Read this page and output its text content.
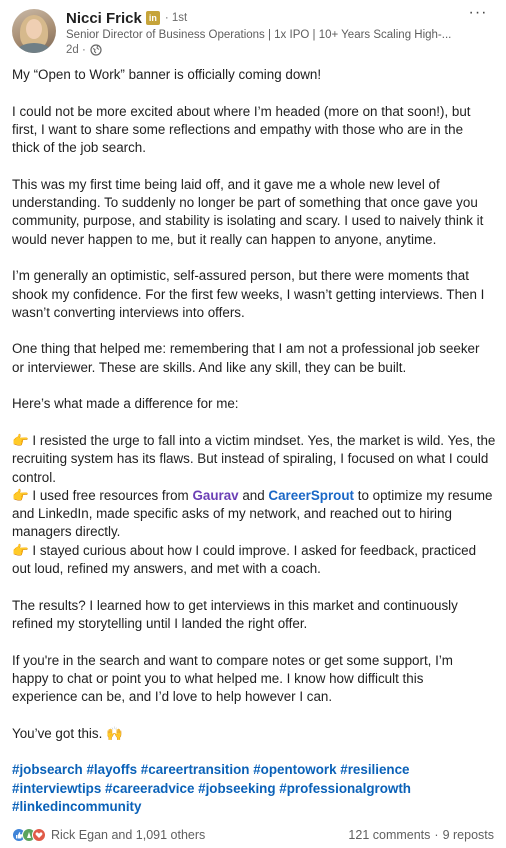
Nicci Frick in · 1st
Senior Director of Business Operations | 1x IPO | 10+ Years Scaling High-...
2d ·
···
My “Open to Work” banner is officially coming down!
I could not be more excited about where I’m headed (more on that soon!), but
first, I want to share some reflections and empathy with those who are in the
thick of the job search.
This was my first time being laid off, and it gave me a whole new level of
understanding. To suddenly no longer be part of something that once gave you
community, purpose, and stability is isolating and scary. I used to naively think it
would never happen to me, but it really can happen to anyone, anytime.
I’m generally an optimistic, self-assured person, but there were moments that
shook my confidence. For the first few weeks, I wasn’t getting interviews. Then I
wasn’t converting interviews into offers.
One thing that helped me: remembering that I am not a professional job seeker
or interviewer. These are skills. And like any skill, they can be built.
Here’s what made a difference for me:
👉 I resisted the urge to fall into a victim mindset. Yes, the market is wild. Yes, the
recruiting system has its flaws. But instead of spiraling, I focused on what I could
control.
👉 I used free resources from Gaurav and CareerSprout to optimize my resume
and LinkedIn, made specific asks of my network, and reached out to hiring
managers directly.
👉 I stayed curious about how I could improve. I asked for feedback, practiced
out loud, refined my answers, and met with a coach.
The results? I learned how to get interviews in this market and continuously
refined my storytelling until I landed the right offer.
If you're in the search and want to compare notes or get some support, I’m
happy to chat or point you to what helped me. I know how difficult this
experience can be, and I’d love to help however I can.
You’ve got this. 🙌
#jobsearch #layoffs #careertransition #opentowork #resilience
#interviewtips #careeradvice #jobseeking #professionalgrowth
#linkedincommunity
Rick Egan and 1,091 others	121 comments · 9 reposts
